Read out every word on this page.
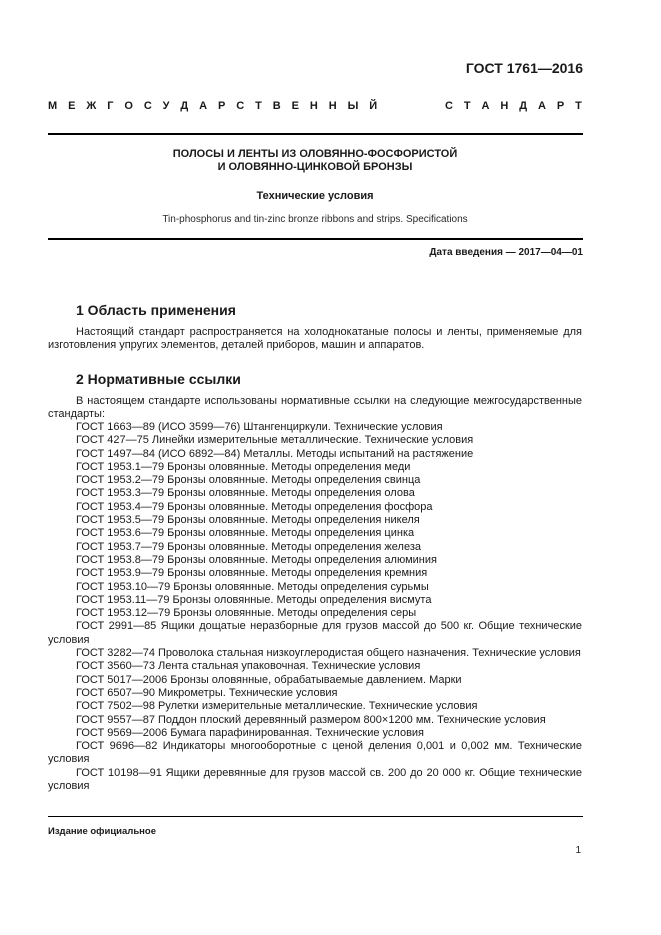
ГОСТ 1761—2016
М Е Ж Г О С У Д А Р С Т В Е Н Н Ы Й	С Т А Н Д А Р Т
ПОЛОСЫ И ЛЕНТЫ ИЗ ОЛОВЯННО-ФОСФОРИСТОЙ
И ОЛОВЯННО-ЦИНКОВОЙ БРОНЗЫ
Технические условия
Tin-phosphorus and tin-zinc bronze ribbons and strips. Specifications
Дата введения — 2017—04—01
1 Область применения

Настоящий стандарт распространяется на холоднокатаные полосы и ленты, применяемые для изготовления упругих элементов, деталей приборов, машин и аппаратов.

2 Нормативные ссылки

В настоящем стандарте использованы нормативные ссылки на следующие межгосударственные стандарты:

ГОСТ 1663—89 (ИСО 3599—76) Штангенциркули. Технические условия
ГОСТ 427—75 Линейки измерительные металлические. Технические условия
ГОСТ 1497—84 (ИСО 6892—84) Металлы. Методы испытаний на растяжение
ГОСТ 1953.1—79 Бронзы оловянные. Методы определения меди
ГОСТ 1953.2—79 Бронзы оловянные. Методы определения свинца
ГОСТ 1953.3—79 Бронзы оловянные. Методы определения олова
ГОСТ 1953.4—79 Бронзы оловянные. Методы определения фосфора
ГОСТ 1953.5—79 Бронзы оловянные. Методы определения никеля
ГОСТ 1953.6—79 Бронзы оловянные. Методы определения цинка
ГОСТ 1953.7—79 Бронзы оловянные. Методы определения железа
ГОСТ 1953.8—79 Бронзы оловянные. Методы определения алюминия
ГОСТ 1953.9—79 Бронзы оловянные. Методы определения кремния
ГОСТ 1953.10—79 Бронзы оловянные. Методы определения сурьмы
ГОСТ 1953.11—79 Бронзы оловянные. Методы определения висмута
ГОСТ 1953.12—79 Бронзы оловянные. Методы определения серы
ГОСТ 2991—85 Ящики дощатые неразборные для грузов массой до 500 кг. Общие технические условия
ГОСТ 3282—74 Проволока стальная низкоуглеродистая общего назначения. Технические условия
ГОСТ 3560—73 Лента стальная упаковочная. Технические условия
ГОСТ 5017—2006 Бронзы оловянные, обрабатываемые давлением. Марки
ГОСТ 6507—90 Микрометры. Технические условия
ГОСТ 7502—98 Рулетки измерительные металлические. Технические условия
ГОСТ 9557—87 Поддон плоский деревянный размером 800×1200 мм. Технические условия
ГОСТ 9569—2006 Бумага парафинированная. Технические условия
ГОСТ 9696—82 Индикаторы многооборотные с ценой деления 0,001 и 0,002 мм. Технические условия
ГОСТ 10198—91 Ящики деревянные для грузов массой св. 200 до 20 000 кг. Общие технические условия
Издание официальное
1
